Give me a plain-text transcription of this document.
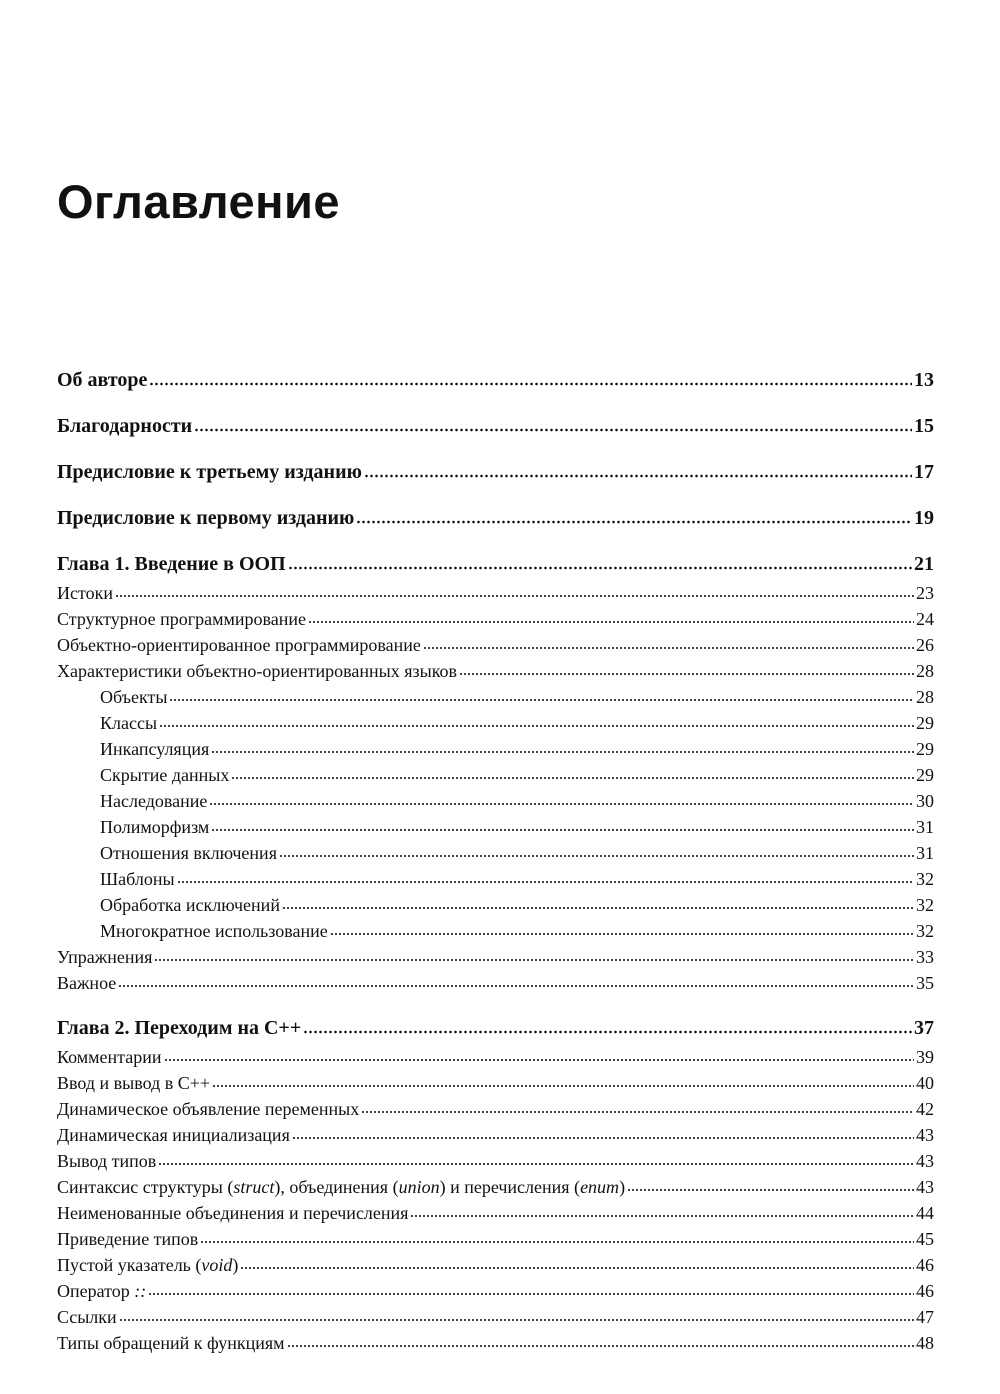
Оглавление
Об авторе	13
Благодарности	15
Предисловие к третьему изданию	17
Предисловие к первому изданию	19
Глава 1. Введение в ООП	21
Истоки	23
Структурное программирование	24
Объектно-ориентированное программирование	26
Характеристики объектно-ориентированных языков	28
Объекты	28
Классы	29
Инкапсуляция	29
Скрытие данных	29
Наследование	30
Полиморфизм	31
Отношения включения	31
Шаблоны	32
Обработка исключений	32
Многократное использование	32
Упражнения	33
Важное	35
Глава 2. Переходим на С++	37
Комментарии	39
Ввод и вывод в С++	40
Динамическое объявление переменных	42
Динамическая инициализация	43
Вывод типов	43
Синтаксис структуры (struct), объединения (union) и перечисления (enum)	43
Неименованные объединения и перечисления	44
Приведение типов	45
Пустой указатель (void)	46
Оператор ::	46
Ссылки	47
Типы обращений к функциям	48
